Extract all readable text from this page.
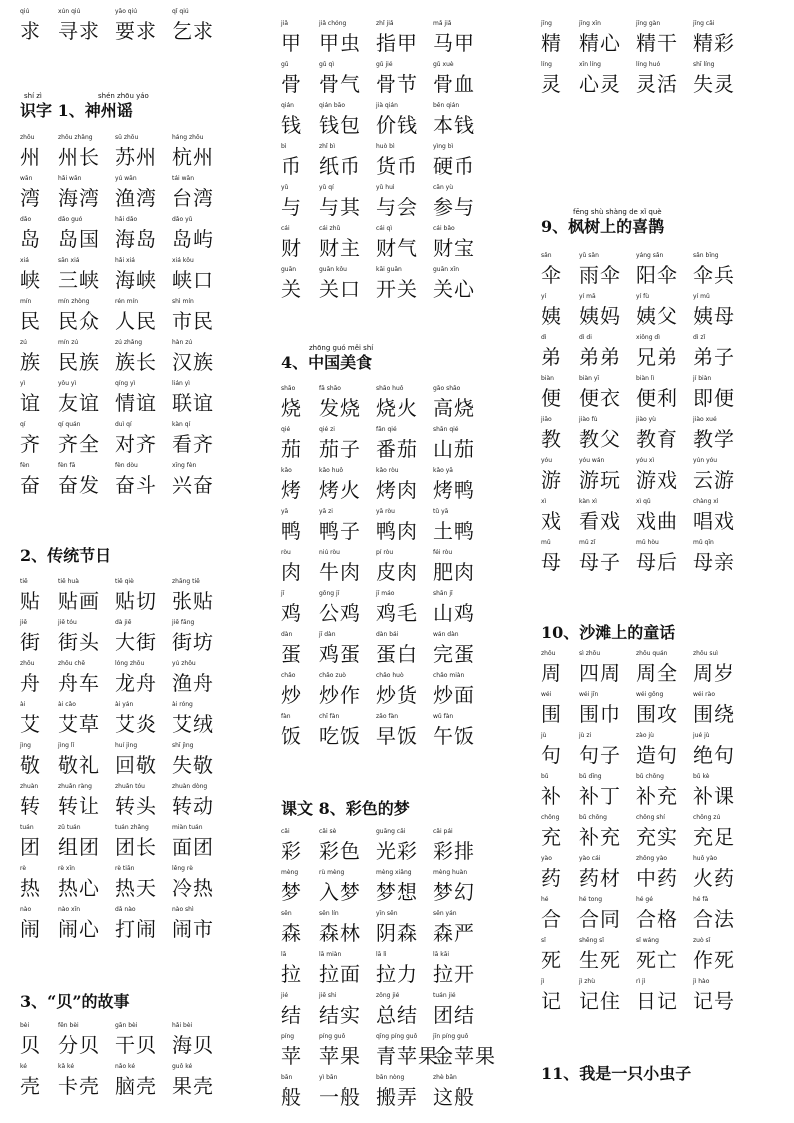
qiú
求
xún qiú
寻求
yāo qiú
要求
qǐ qiú
乞求
shí zì	shén zhōu yáo
识字 1、神州谣
zhōu
州
zhōu zhǎng
州长
sū zhōu
苏州
háng zhōu
杭州
wān
湾
hǎi wān
海湾
yú wān
渔湾
tái wān
台湾
dǎo
岛
dǎo guó
岛国
hǎi dǎo
海岛
dǎo yǔ
岛屿
xiá
峡
sān xiá
三峡
hǎi xiá
海峡
xiá kǒu
峡口
mín
民
mín zhòng
民众
rén mín
人民
shì mín
市民
zú
族
mín zú
民族
zú zhǎng
族长
hàn zú
汉族
yì
谊
yǒu yì
友谊
qíng yì
情谊
lián yì
联谊
qí
齐
qí quán
齐全
duì qí
对齐
kàn qí
看齐
fèn
奋
fèn fā
奋发
fèn dòu
奋斗
xīng fèn
兴奋
2、传统节日
tiē
贴
tiē huà
贴画
tiē qiè
贴切
zhāng tiē
张贴
jiē
街
jiē tóu
街头
dà jiē
大街
jiē fāng
街坊
zhōu
舟
zhōu chē
舟车
lóng zhōu
龙舟
yú zhōu
渔舟
ài
艾
ài cǎo
艾草
ài yán
艾炎
ài róng
艾绒
jìng
敬
jìng lǐ
敬礼
huí jìng
回敬
shī jìng
失敬
zhuàn
转
zhuǎn ràng
转让
zhuǎn tóu
转头
zhuàn dòng
转动
tuán
团
zǔ tuán
组团
tuán zhǎng
团长
miàn tuán
面团
rè
热
rè xīn
热心
rè tiān
热天
lěng rè
冷热
nào
闹
nào xīn
闹心
dǎ nào
打闹
nào shì
闹市
3、“贝”的故事
bèi
贝
fēn bèi
分贝
gān bèi
干贝
hǎi bèi
海贝
ké
壳
kǎ ké
卡壳
nǎo ké
脑壳
guǒ ké
果壳
jiǎ
甲
jiǎ chóng
甲虫
zhǐ jiǎ
指甲
mǎ jiǎ
马甲
gǔ
骨
gǔ qì
骨气
gǔ jié
骨节
gǔ xuè
骨血
qián
钱
qián bāo
钱包
jià qián
价钱
běn qián
本钱
bì
币
zhǐ bì
纸币
huò bì
货币
yìng bì
硬币
yǔ
与
yǔ qí
与其
yǔ huì
与会
cān yù
参与
cái
财
cái zhǔ
财主
cái qì
财气
cái bǎo
财宝
guān
关
guān kǒu
关口
kāi guān
开关
guān xīn
关心
zhōng guó měi shí
4、中国美食
shāo
烧
fā shāo
发烧
shāo huǒ
烧火
gāo shāo
高烧
qié
茄
qié zi
茄子
fān qié
番茄
shān qié
山茄
kǎo
烤
kǎo huǒ
烤火
kǎo ròu
烤肉
kǎo yā
烤鸭
yā
鸭
yā zi
鸭子
yā ròu
鸭肉
tǔ yā
土鸭
ròu
肉
niú ròu
牛肉
pí ròu
皮肉
féi ròu
肥肉
jī
鸡
gōng jī
公鸡
jī máo
鸡毛
shān jī
山鸡
dàn
蛋
jī dàn
鸡蛋
dàn bái
蛋白
wán dàn
完蛋
chǎo
炒
chǎo zuò
炒作
chǎo huò
炒货
chǎo miàn
炒面
fàn
饭
chī fàn
吃饭
zǎo fàn
早饭
wǔ fàn
午饭
课文 8、彩色的梦
cǎi
彩
cǎi sè
彩色
guāng cǎi
光彩
cǎi pái
彩排
mèng
梦
rù mèng
入梦
mèng xiǎng
梦想
mèng huàn
梦幻
sēn
森
sēn lín
森林
yīn sēn
阴森
sēn yán
森严
lā
拉
lā miàn
拉面
lā lì
拉力
lā kāi
拉开
jié
结
jiē shi
结实
zǒng jié
总结
tuán jié
团结
píng
苹
píng guǒ
苹果
qīng píng guǒ
青苹果
jīn píng guǒ
金苹果
bān
般
yì bān
一般
bān nòng
搬弄
zhè bān
这般
jīng
精
jīng xīn
精心
jīng gàn
精干
jīng cǎi
精彩
líng
灵
xīn líng
心灵
líng huó
灵活
shī líng
失灵
fēng shù shàng de xǐ què
9、枫树上的喜鹊
sǎn
伞
yǔ sǎn
雨伞
yáng sǎn
阳伞
sǎn bīng
伞兵
yí
姨
yí mā
姨妈
yí fù
姨父
yí mǔ
姨母
dì
弟
dì di
弟弟
xiōng dì
兄弟
dì zǐ
弟子
biàn
便
biàn yī
便衣
biàn lì
便利
jí biàn
即便
jiāo
教
jiào fù
教父
jiào yù
教育
jiào xué
教学
yóu
游
yóu wán
游玩
yóu xì
游戏
yún yóu
云游
xì
戏
kàn xì
看戏
xì qǔ
戏曲
chàng xì
唱戏
mǔ
母
mǔ zǐ
母子
mǔ hòu
母后
mǔ qīn
母亲
10、沙滩上的童话
zhōu
周
sì zhōu
四周
zhōu quán
周全
zhōu suì
周岁
wéi
围
wéi jīn
围巾
wéi gōng
围攻
wéi rào
围绕
jù
句
jù zi
句子
zào jù
造句
jué jù
绝句
bǔ
补
bǔ dīng
补丁
bǔ chōng
补充
bǔ kè
补课
chōng
充
bǔ chōng
补充
chōng shí
充实
chōng zú
充足
yào
药
yào cái
药材
zhōng yào
中药
huǒ yào
火药
hé
合
hé tong
合同
hé gé
合格
hé fǎ
合法
sǐ
死
shēng sǐ
生死
sǐ wáng
死亡
zuò sǐ
作死
jì
记
jì zhù
记住
rì jì
日记
jì hào
记号
11、我是一只小虫子
